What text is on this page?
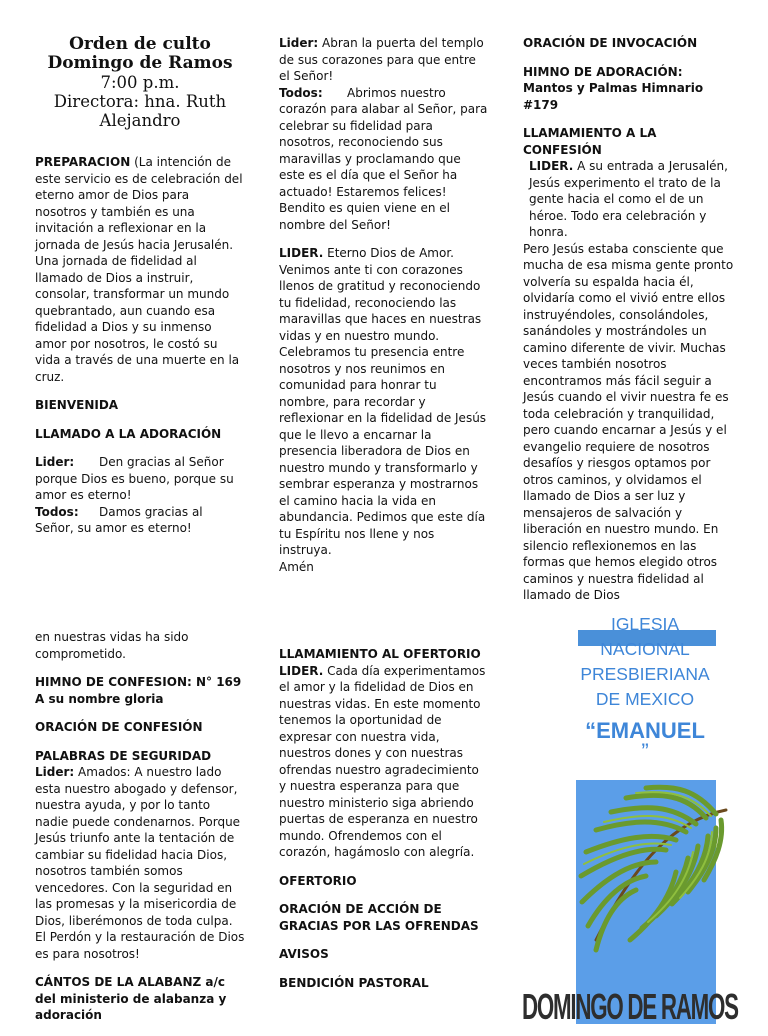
Orden de culto
Domingo de Ramos
7:00 p.m.
Directora: hna. Ruth Alejandro

PREPARACION (La intención de este servicio es de celebración del eterno amor de Dios para nosotros y también es una invitación a reflexionar en la jornada de Jesús hacia Jerusalén. Una jornada de fidelidad al llamado de Dios a instruir, consolar, transformar un mundo quebrantado, aun cuando esa fidelidad a Dios y su inmenso amor por nosotros, le costó su vida a través de una muerte en la cruz.

BIENVENIDA

LLAMADO A LA ADORACIÓN

Lider: Den gracias al Señor porque Dios es bueno, porque su amor es eterno!
Todos: Damos gracias al Señor, su amor es eterno!
Lider: Abran la puerta del templo de sus corazones para que entre el Señor!

Todos: Abrimos nuestro corazón para alabar al Señor, para celebrar su fidelidad para nosotros, reconociendo sus maravillas y proclamando que este es el día que el Señor ha actuado! Estaremos felices! Bendito es quien viene en el nombre del Señor!

LIDER. Eterno Dios de Amor. Venimos ante ti con corazones llenos de gratitud y reconociendo tu fidelidad, reconociendo las maravillas que haces en nuestras vidas y en nuestro mundo.
Celebramos tu presencia entre nosotros y nos reunimos en comunidad para honrar tu nombre, para recordar y reflexionar en la fidelidad de Jesús que le llevo a encarnar la presencia liberadora de Dios en nuestro mundo y transformarlo y sembrar esperanza y mostrarnos el camino hacia la vida en abundancia. Pedimos que este día tu Espíritu nos llene y nos instruya.
Amén

ORACIÓN DE INVOCACIÓN

HIMNO DE ADORACIÓN: Mantos y Palmas Himnario #179

LLAMAMIENTO A LA CONFESIÓN
LIDER. A su entrada a Jerusalén, Jesús experimento el trato de la gente hacia el como el de un héroe. Todo era celebración y honra.
Pero Jesús estaba consciente que mucha de esa misma gente pronto volvería su espalda hacia él, olvidaría como el vivió entre ellos instruyéndoles, consolándoles, sanándoles y mostrándoles un camino diferente de vivir. Muchas veces también nosotros encontramos más fácil seguir a Jesús cuando el vivir nuestra fe es toda celebración y tranquilidad, pero cuando encarnar a Jesús y el evangelio requiere de nosotros desafíos y riesgos optamos por otros caminos, y olvidamos el llamado de Dios a ser luz y mensajeros de salvación y liberación en nuestro mundo. En silencio reflexionemos en las formas que hemos elegido otros caminos y nuestra fidelidad al llamado de Dios

en nuestras vidas ha sido comprometido.

HIMNO DE CONFESION: N° 169 A su nombre gloria

ORACIÓN DE CONFESIÓN

PALABRAS DE SEGURIDAD

Lider: Amados: A nuestro lado esta nuestro abogado y defensor, nuestra ayuda, y por lo tanto nadie puede condenarnos. Porque Jesús triunfo ante la tentación de cambiar su fidelidad hacia Dios, nosotros también somos vencedores. Con la seguridad en las promesas y la misericordia de Dios, liberémonos de toda culpa. El Perdón y la restauración de Dios es para nosotros!

CÁNTOS DE LA ALABANZ a/c del ministerio de alabanza y adoración

LLAMAMIENTO AL OFERTORIO

LIDER. Cada día experimentamos el amor y la fidelidad de Dios en nuestras vidas. En este momento tenemos la oportunidad de expresar con nuestra vida, nuestros dones y con nuestras ofrendas nuestro agradecimiento y nuestra esperanza para que nuestro ministerio siga abriendo puertas de esperanza en nuestro mundo. Ofrendemos con el corazón, hagámoslo con alegría.

OFERTORIO

ORACIÓN DE ACCIÓN DE GRACIAS POR LAS OFRENDAS

AVISOS

BENDICIÓN PASTORAL

IGLESIA
NACIONAL
PRESBIERIANA
DE MEXICO
“EMANUEL
”
DOMINGO DE RAMOS
